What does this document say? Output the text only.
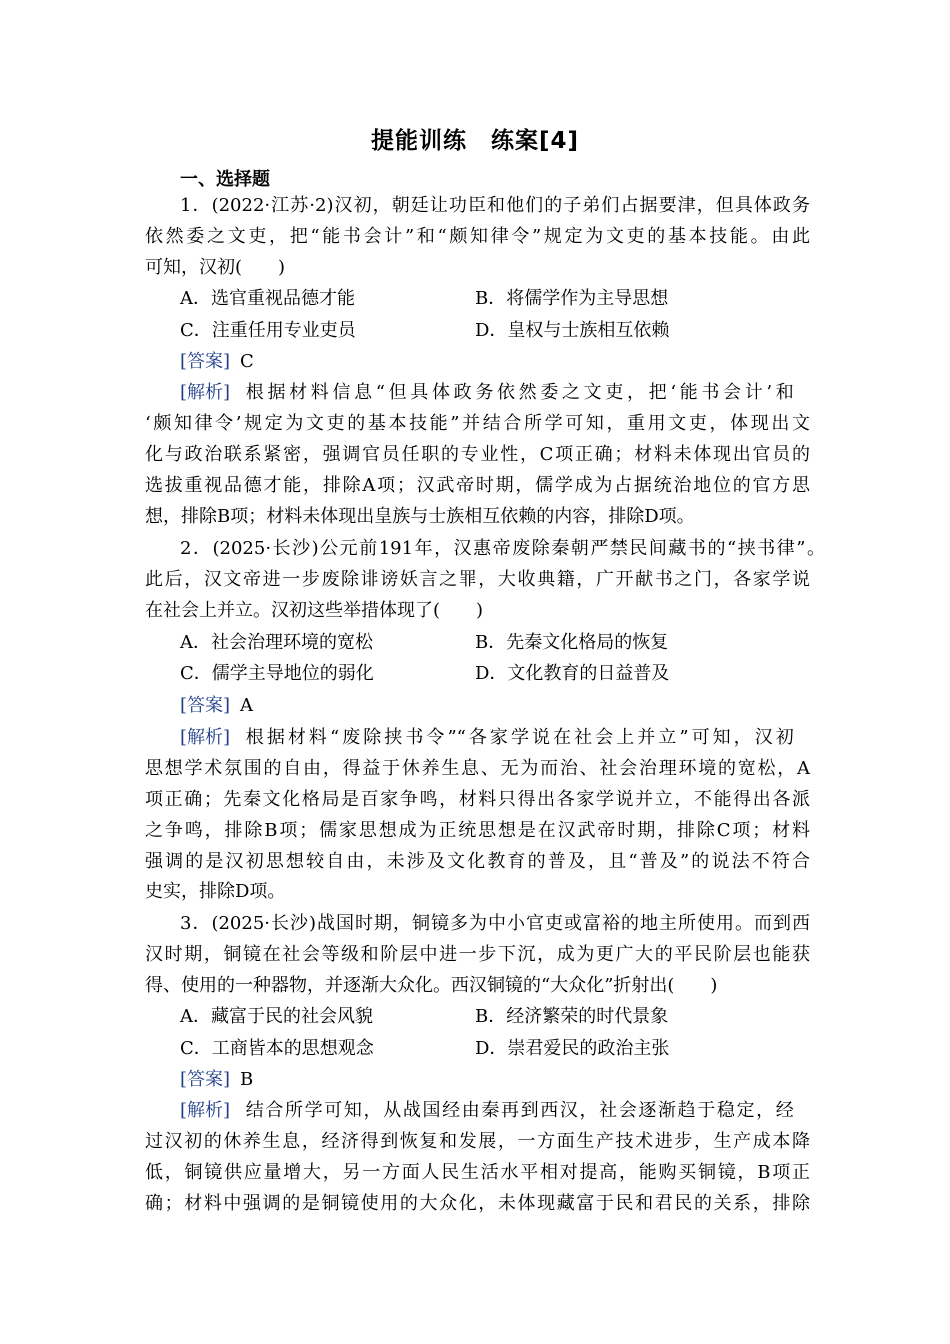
提能训练　练案[4]
一、选择题
1．(2022·江苏·2)汉初，朝廷让功臣和他们的子弟们占据要津，但具体政务
依然委之文吏，把“能书会计”和“颇知律令”规定为文吏的基本技能。由此
可知，汉初(　　)
A．选官重视品德才能	B．将儒学作为主导思想
C．注重任用专业吏员	D．皇权与士族相互依赖
[答案] C
[解析] 根据材料信息“但具体政务依然委之文吏，把‘能书会计’和
‘颇知律令’规定为文吏的基本技能”并结合所学可知，重用文吏，体现出文
化与政治联系紧密，强调官员任职的专业性，C项正确；材料未体现出官员的
选拔重视品德才能，排除A项；汉武帝时期，儒学成为占据统治地位的官方思
想，排除B项；材料未体现出皇族与士族相互依赖的内容，排除D项。
2．(2025·长沙)公元前191年，汉惠帝废除秦朝严禁民间藏书的“挟书律”。
此后，汉文帝进一步废除诽谤妖言之罪，大收典籍，广开献书之门，各家学说
在社会上并立。汉初这些举措体现了(　　)
A．社会治理环境的宽松	B．先秦文化格局的恢复
C．儒学主导地位的弱化	D．文化教育的日益普及
[答案] A
[解析] 根据材料“废除挟书令”“各家学说在社会上并立”可知，汉初
思想学术氛围的自由，得益于休养生息、无为而治、社会治理环境的宽松，A
项正确；先秦文化格局是百家争鸣，材料只得出各家学说并立，不能得出各派
之争鸣，排除B项；儒家思想成为正统思想是在汉武帝时期，排除C项；材料
强调的是汉初思想较自由，未涉及文化教育的普及，且“普及”的说法不符合
史实，排除D项。
3．(2025·长沙)战国时期，铜镜多为中小官吏或富裕的地主所使用。而到西
汉时期，铜镜在社会等级和阶层中进一步下沉，成为更广大的平民阶层也能获
得、使用的一种器物，并逐渐大众化。西汉铜镜的“大众化”折射出(　　)
A．藏富于民的社会风貌	B．经济繁荣的时代景象
C．工商皆本的思想观念	D．崇君爱民的政治主张
[答案] B
[解析] 结合所学可知，从战国经由秦再到西汉，社会逐渐趋于稳定，经
过汉初的休养生息，经济得到恢复和发展，一方面生产技术进步，生产成本降
低，铜镜供应量增大，另一方面人民生活水平相对提高，能购买铜镜，B项正
确；材料中强调的是铜镜使用的大众化，未体现藏富于民和君民的关系，排除
